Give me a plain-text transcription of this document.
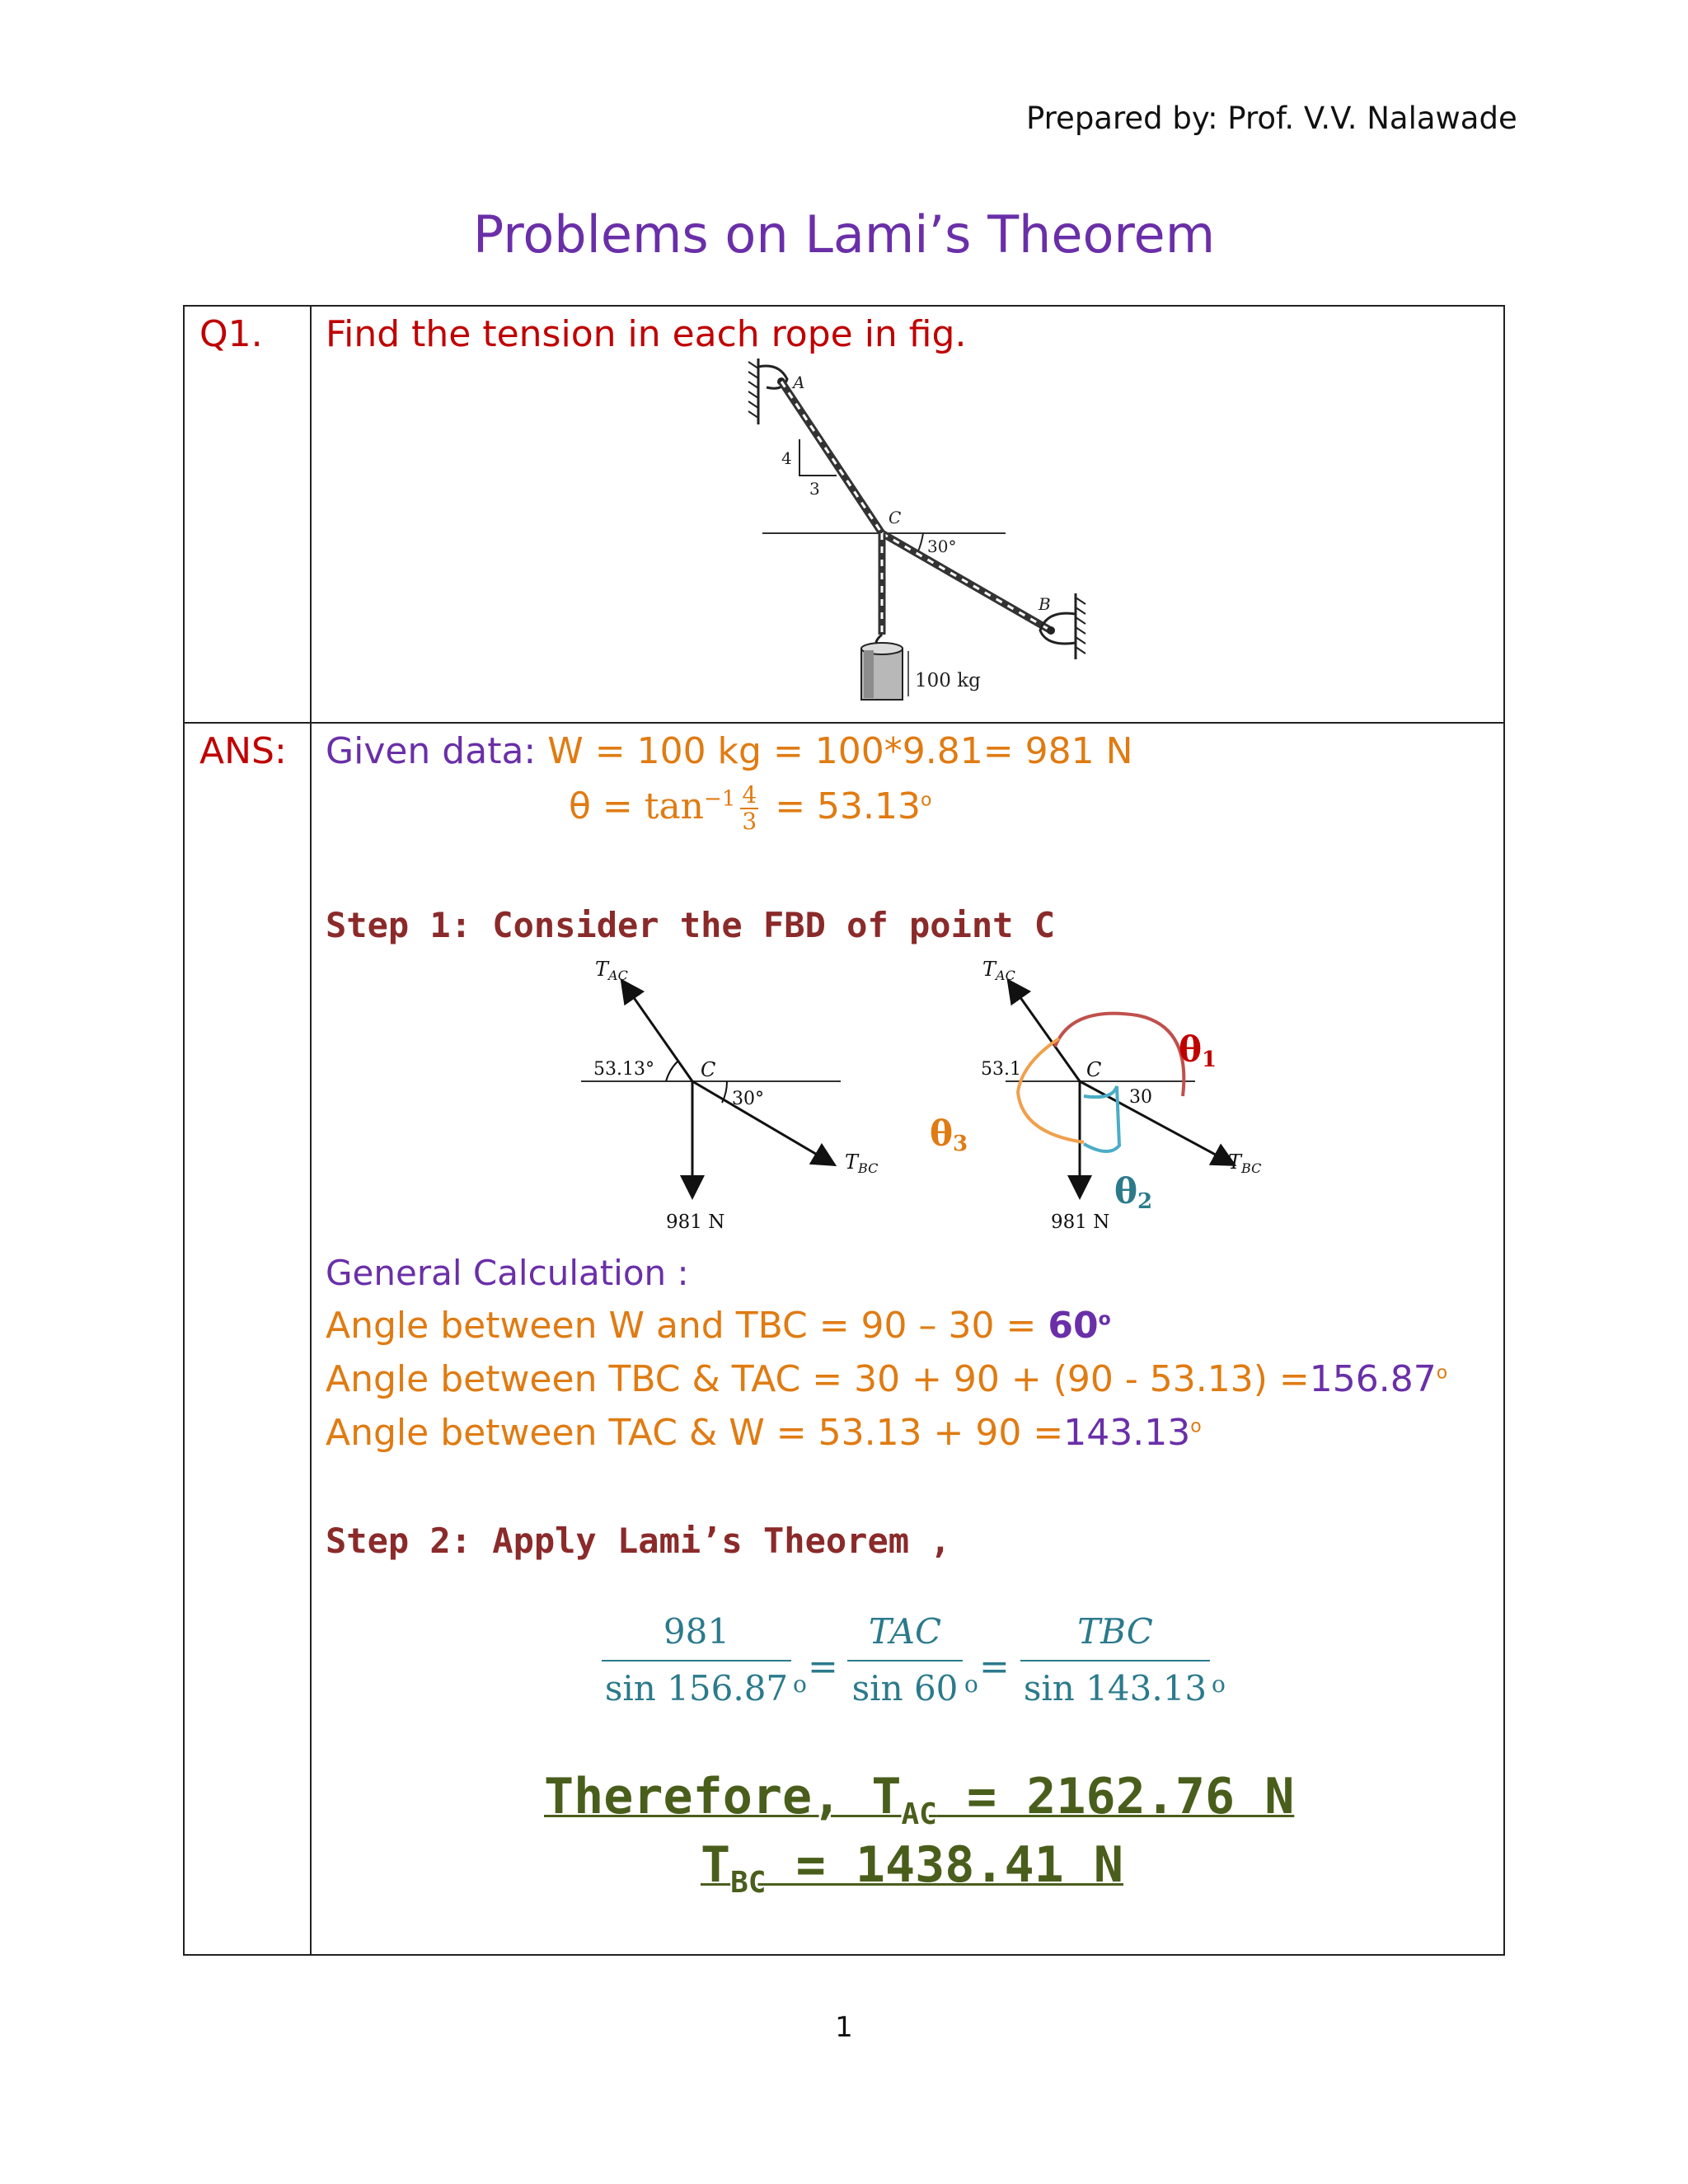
Prepared by: Prof. V.V. Nalawade
Problems on Lami’s Theorem
Q1. Find the tension in each rope in fig.
A
4
3
C
30°
B
100 kg
ANS: Given data: W = 100 kg = 100*9.81= 981 N
$\theta = \tan^{-1} \frac{4}{3} = 53.13^o$
Step 1: Consider the FBD of point C
$T_{AC}$
53.13° C
30°
$T_{BC}$
981 N
$T_{AC}$
53.1	C
30
$T_{BC}$
981 N
θ1
θ2
θ3
General Calculation :
Angle between W and TBC = $90 - 30 = 60^o$
Angle between TBC & TAC = $30 + 90 + (90 - 53.13) =156.87^o$
Angle between TAC & $W = 53.13 + 90 =143.13^o$
Step 2: Apply Lami’s Theorem ,
$\frac{981}{\sin 156.87}$ o =
TAC
sin 60 o =
TBC
sin 143.13 o
Therefore, $T_{AC} = 2162.76$ N
$T_{BC} = 1438.41$ N
1
